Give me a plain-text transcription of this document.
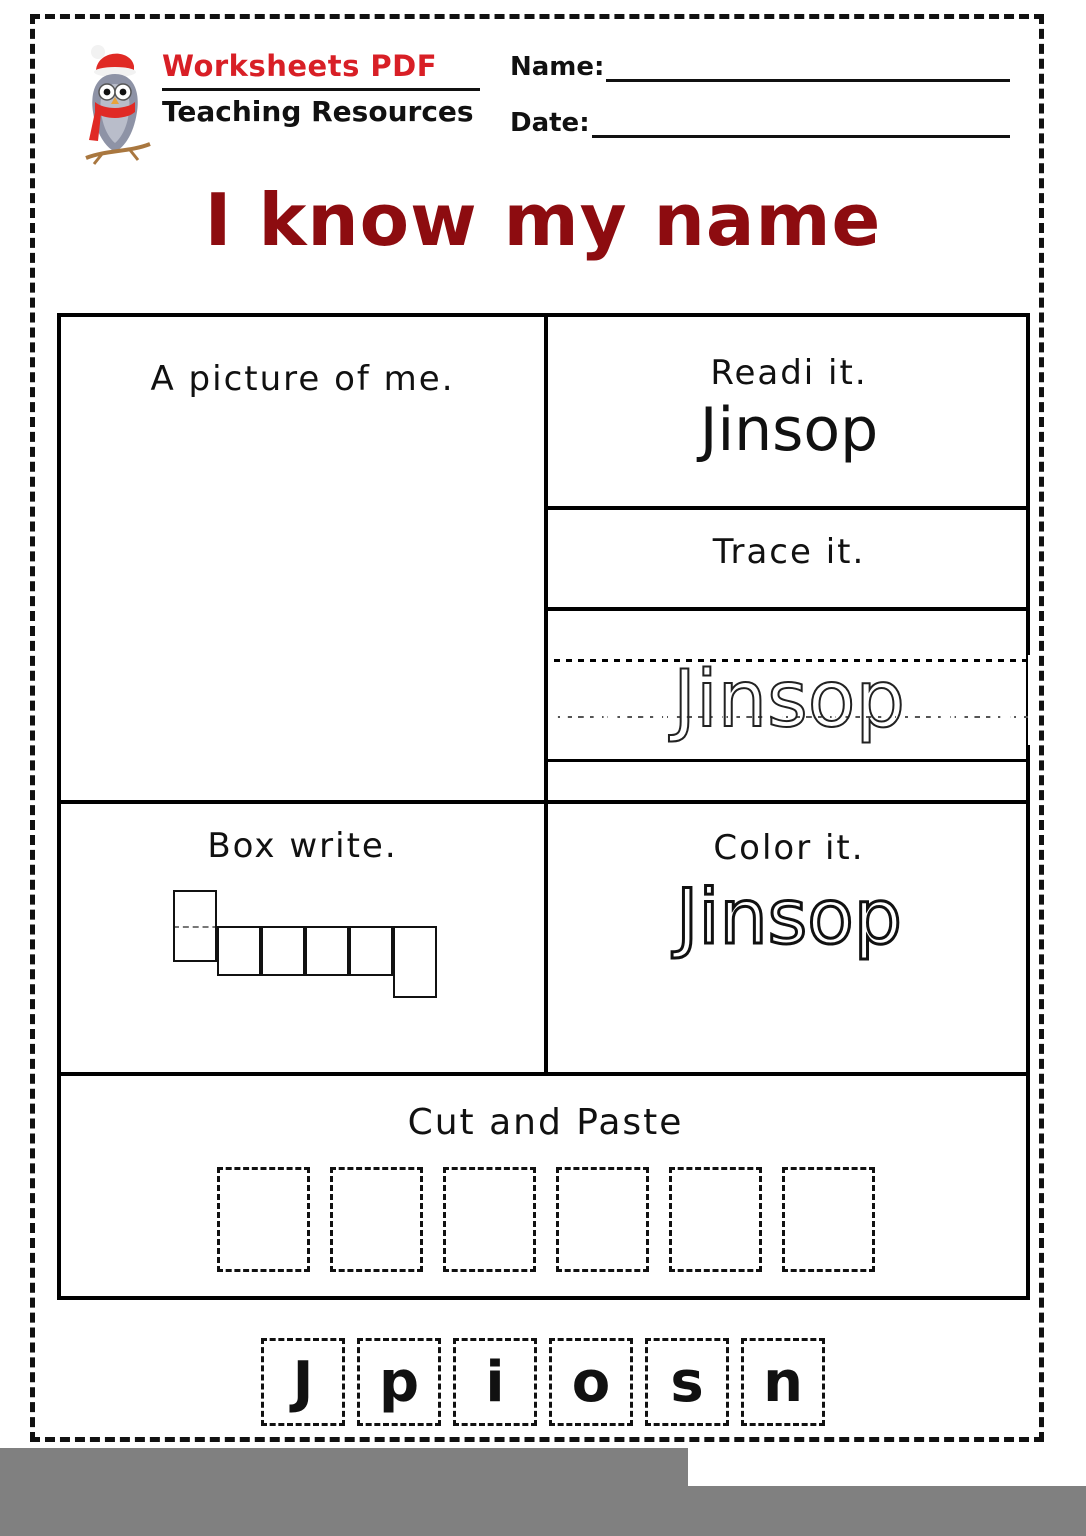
Worksheets PDF
Teaching Resources
Name:
Date:
I know my name
A picture of me.	Readi it.
Jinsop
Trace it.
Jinsop
Box write.	Color it.
Jinsop
Cut and Paste
J	p	i	o	s	n
